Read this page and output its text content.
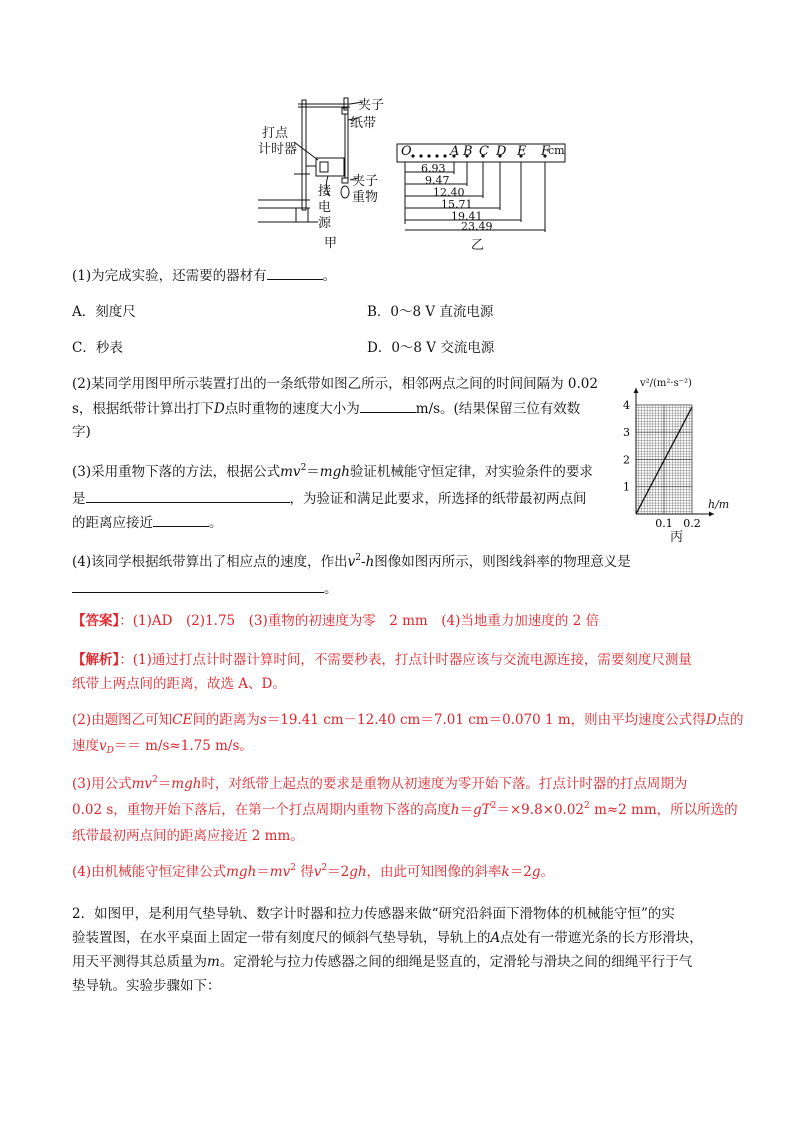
夹子
纸带
打点
计时器
夹子
重物
接
电
源
甲
O	A B C D E F
cm
6.93
9.47
12.40
15.71
19.41
23.49
乙
1
2
3
4
0.1 0.2
v²/(m²·s⁻²)
h/m
丙
(1)为完成实验，还需要的器材有	。
A．刻度尺	B．0～8 V 直流电源
C．秒表	D．0～8 V 交流电源
(2)某同学用图甲所示装置打出的一条纸带如图乙所示，相邻两点之间的时间间隔为 0.02
s，根据纸带计算出打下D点时重物的速度大小为	m/s。(结果保留三位有效数
字)
(3)采用重物下落的方法，根据公式$mv^2=mgh$验证机械能守恒定律，对实验条件的要求
是	，为验证和满足此要求，所选择的纸带最初两点间
的距离应接近	。
(4)该同学根据纸带算出了相应点的速度，作出$v^2-h$图像如图丙所示，则图线斜率的物理意义是
。
【答案】：(1)AD　(2)1.75　(3)重物的初速度为零　2 mm　(4)当地重力加速度的 2 倍
【解析】：(1)通过打点计时器计算时间，不需要秒表，打点计时器应该与交流电源连接，需要刻度尺测量
纸带上两点间的距离，故选 A、D。
(2)由题图乙可知CE间的距离为s＝19.41 cm－12.40 cm＝7.01 cm＝0.070 1 m，则由平均速度公式得D点的
速度$v_D== m/s\approx 1.75$ m/s。
(3)用公式$mv^2=mgh$时，对纸带上起点的要求是重物从初速度为零开始下落。打点计时器的打点周期为
0.02 s，重物开始下落后，在第一个打点周期内重物下落的高度$h=gT^2=\times 9.8\times 0.02^2$ m≈2 mm，所以所选的
纸带最初两点间的距离应接近 2 mm。
(4)由机械能守恒定律公式$mgh=mv^2$ 得$v^2=2gh$，由此可知图像的斜率k＝2g。
2．如图甲，是利用气垫导轨、数字计时器和拉力传感器来做“研究沿斜面下滑物体的机械能守恒”的实
验装置图，在水平桌面上固定一带有刻度尺的倾斜气垫导轨，导轨上的A点处有一带遮光条的长方形滑块，
用天平测得其总质量为m。定滑轮与拉力传感器之间的细绳是竖直的，定滑轮与滑块之间的细绳平行于气
垫导轨。实验步骤如下：
